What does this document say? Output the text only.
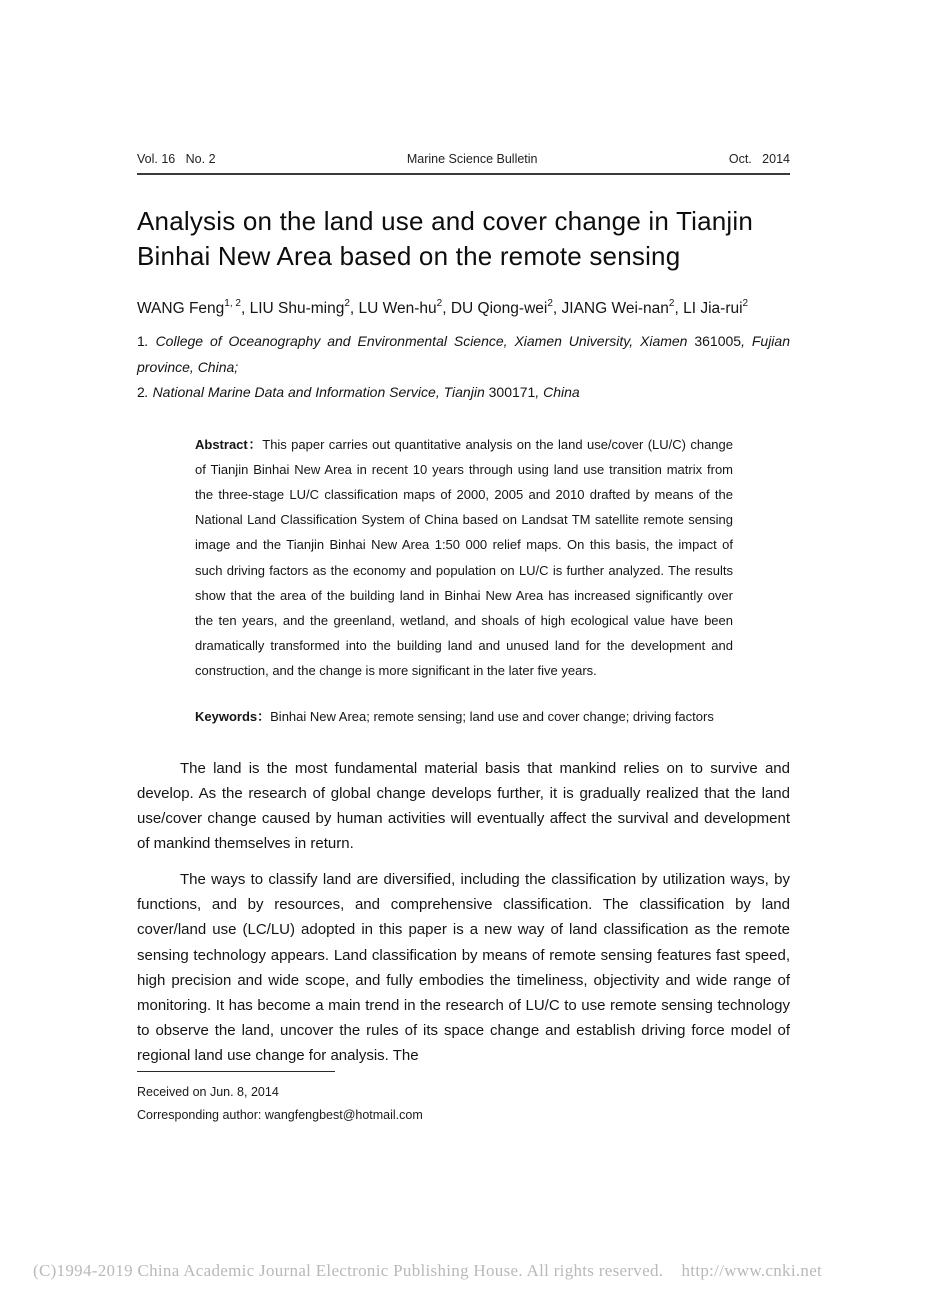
Vol. 16   No. 2	Marine Science Bulletin	Oct.   2014
Analysis on the land use and cover change in Tianjin Binhai New Area based on the remote sensing
WANG Feng$^{1, 2}$, LIU Shu-ming$^2$, LU Wen-$hu^2$, DU Qiong-wei$^2$, JIANG Wei-nan$^2$, LI Jia-rui$^2$
1. College of Oceanography and Environmental Science, Xiamen University, Xiamen 361005, Fujian province, China;
2. National Marine Data and Information Service, Tianjin 300171, China
Abstract：This paper carries out quantitative analysis on the land use/cover (LU/C) change of Tianjin Binhai New Area in recent 10 years through using land use transition matrix from the three-stage LU/C classification maps of 2000, 2005 and 2010 drafted by means of the National Land Classification System of China based on Landsat TM satellite remote sensing image and the Tianjin Binhai New Area 1:50 000 relief maps. On this basis, the impact of such driving factors as the economy and population on LU/C is further analyzed. The results show that the area of the building land in Binhai New Area has increased significantly over the ten years, and the greenland, wetland, and shoals of high ecological value have been dramatically transformed into the building land and unused land for the development and construction, and the change is more significant in the later five years.
Keywords：Binhai New Area; remote sensing; land use and cover change; driving factors

The land is the most fundamental material basis that mankind relies on to survive and develop. As the research of global change develops further, it is gradually realized that the land use/cover change caused by human activities will eventually affect the survival and development of mankind themselves in return.

The ways to classify land are diversified, including the classification by utilization ways, by functions, and by resources, and comprehensive classification. The classification by land cover/land use (LC/LU) adopted in this paper is a new way of land classification as the remote sensing technology appears. Land classification by means of remote sensing features fast speed, high precision and wide scope, and fully embodies the timeliness, objectivity and wide range of monitoring. It has become a main trend in the research of LU/C to use remote sensing technology to observe the land, uncover the rules of its space change and establish driving force model of regional land use change for analysis. The

Received on Jun. 8, 2014
Corresponding author: wangfengbest@hotmail.com
(C)1994-2019 China Academic Journal Electronic Publishing House. All rights reserved.    http://www.cnki.net
